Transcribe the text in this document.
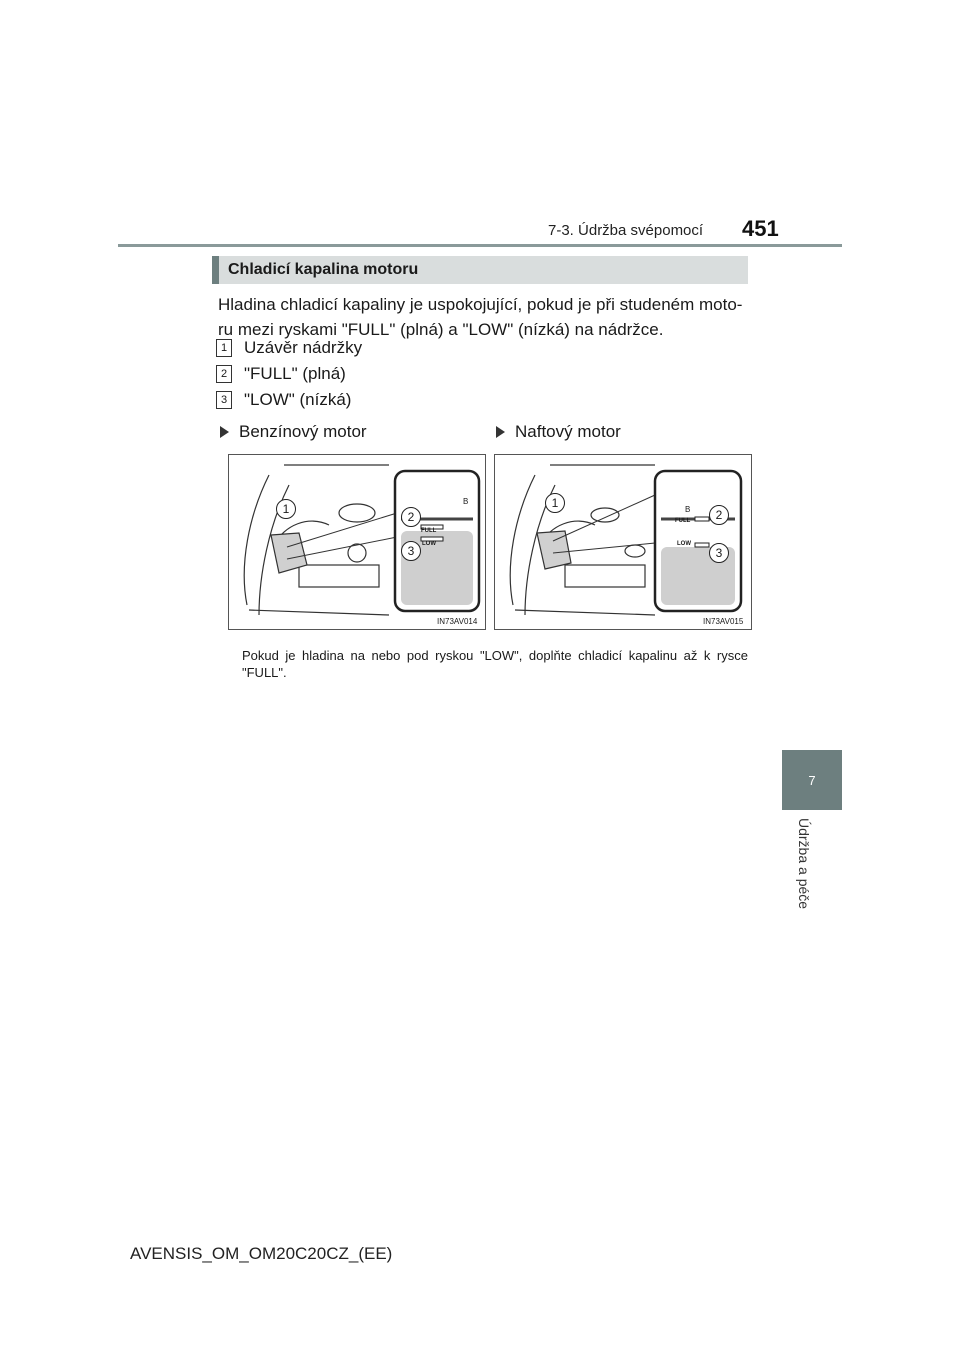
7-3. Údržba svépomocí 451
7
Údržba a péče
Chladicí kapalina motoru
Hladina chladicí kapaliny je uspokojující, pokud je při studeném moto-ru mezi ryskami "FULL" (plná) a "LOW" (nízká) na nádržce.
1 Uzávěr nádržky
2 "FULL" (plná)
3 "LOW" (nízká)
Benzínový motor	Naftový motor
1
2
3
B
FULL
LOW
IN73AV014
1
2
3
B
FULL
LOW
IN73AV015
Pokud je hladina na nebo pod ryskou "LOW", doplňte chladicí kapalinu až k rysce "FULL".
AVENSIS_OM_OM20C20CZ_(EE)
